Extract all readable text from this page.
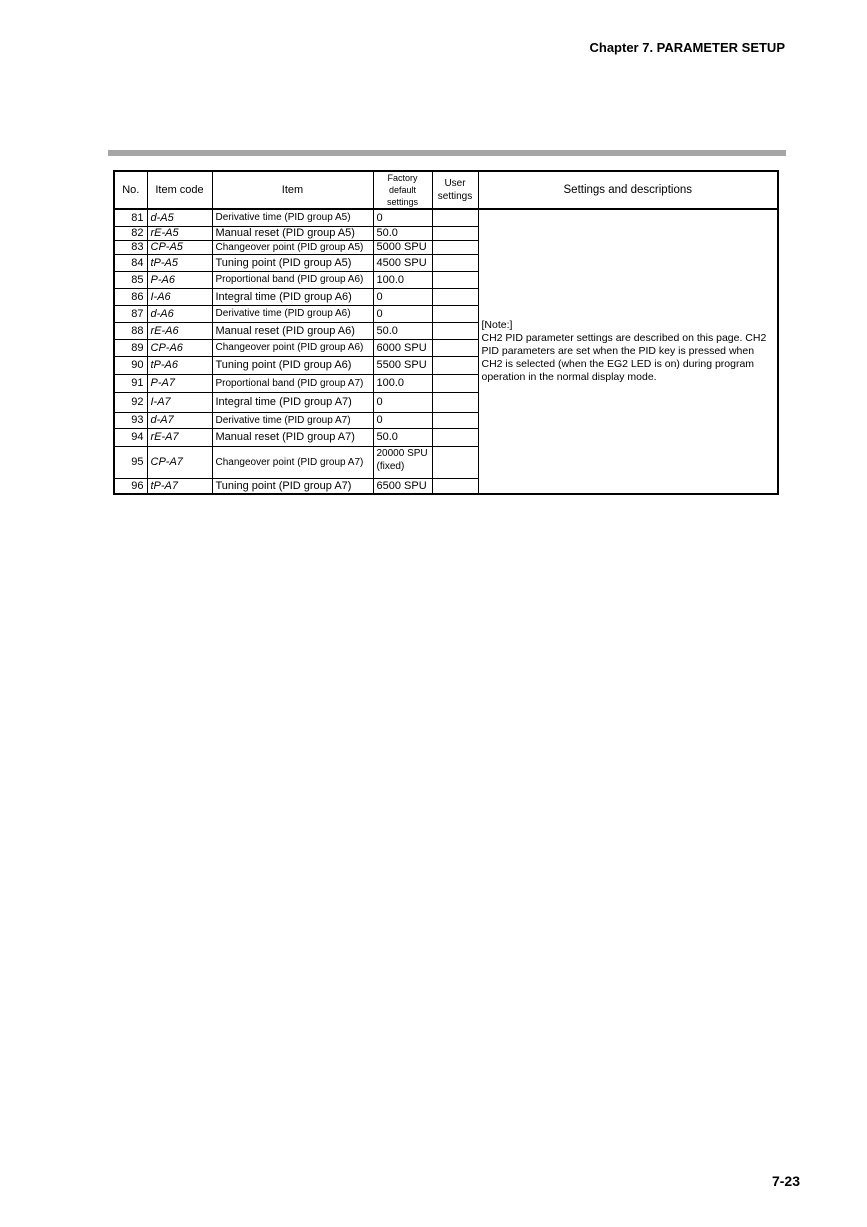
Chapter 7. PARAMETER SETUP
No.	Item code	Item	Factory default settings	User settings	Settings and descriptions
81	d-A5	Derivative time (PID group A5)	0		[Note:]
CH2 PID parameter settings are described on this page. CH2 PID parameters are set when the PID key is pressed when CH2 is selected (when the EG2 LED is on) during program operation in the normal display mode.
82	rE-A5	Manual reset (PID group A5)	50.0		
83	CP-A5	Changeover point (PID group A5)	5000 SPU		
84	tP-A5	Tuning point (PID group A5)	4500 SPU		
85	P-A6	Proportional band (PID group A6)	100.0		
86	I-A6	Integral time (PID group A6)	0		
87	d-A6	Derivative time (PID group A6)	0		
88	rE-A6	Manual reset (PID group A6)	50.0		
89	CP-A6	Changeover point (PID group A6)	6000 SPU		
90	tP-A6	Tuning point (PID group A6)	5500 SPU		
91	P-A7	Proportional band (PID group A7)	100.0		
92	I-A7	Integral time (PID group A7)	0		
93	d-A7	Derivative time (PID group A7)	0		
94	rE-A7	Manual reset (PID group A7)	50.0		
95	CP-A7	Changeover point (PID group A7)	20000 SPU
(fixed)		

96	tP-A7	Tuning point (PID group A7)	6500 SPU		
7-23
